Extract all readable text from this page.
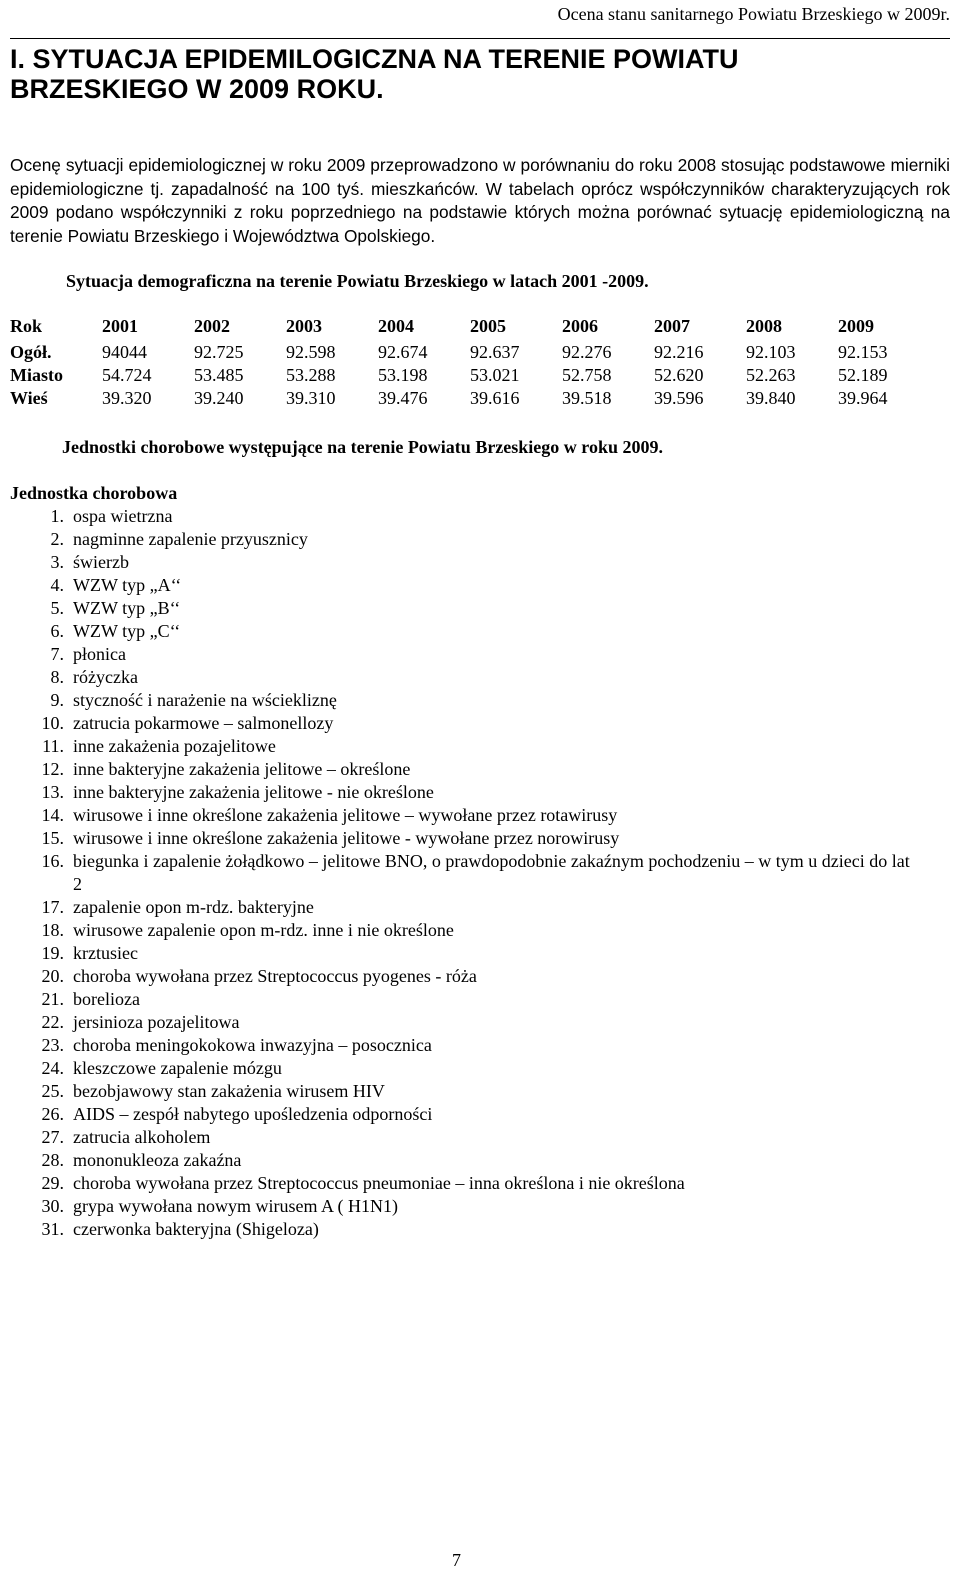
Ocena stanu sanitarnego Powiatu Brzeskiego w 2009r.
I. SYTUACJA EPIDEMILOGICZNA NA TERENIE POWIATU
BRZESKIEGO W 2009 ROKU.
Ocenę sytuacji epidemiologicznej w roku 2009 przeprowadzono w porównaniu do roku 2008 stosując podstawowe mierniki epidemiologiczne tj. zapadalność na 100 tyś. mieszkańców. W tabelach oprócz współczynników charakteryzujących rok 2009 podano współczynniki z roku poprzedniego na podstawie których można porównać sytuację epidemiologiczną na terenie Powiatu Brzeskiego i Województwa Opolskiego.
Sytuacja demograficzna na terenie Powiatu Brzeskiego w latach 2001 -2009.
Rok	2001	2002	2003	2004	2005	2006	2007	2008	2009
Ogół.	94044	92.725	92.598	92.674	92.637	92.276	92.216	92.103	92.153
Miasto	54.724	53.485	53.288	53.198	53.021	52.758	52.620	52.263	52.189
Wieś	39.320	39.240	39.310	39.476	39.616	39.518	39.596	39.840	39.964
Jednostki chorobowe występujące na terenie Powiatu Brzeskiego w roku 2009.
Jednostka chorobowa
1. ospa wietrzna
2. nagminne zapalenie przyusznicy
3. świerzb
4. WZW typ „A‘‘
5. WZW typ „B‘‘
6. WZW typ „C‘‘
7. płonica
8. różyczka
9. styczność i narażenie na wściekliznę
10. zatrucia pokarmowe – salmonellozy
11. inne zakażenia pozajelitowe
12. inne bakteryjne zakażenia jelitowe – określone
13. inne bakteryjne zakażenia jelitowe - nie określone
14. wirusowe i inne określone zakażenia jelitowe – wywołane przez rotawirusy
15. wirusowe i inne określone zakażenia jelitowe - wywołane przez norowirusy
16. biegunka i zapalenie żołądkowo – jelitowe BNO, o prawdopodobnie zakaźnym pochodzeniu – w tym u dzieci do lat 2
17. zapalenie opon m-rdz. bakteryjne
18. wirusowe zapalenie opon m-rdz. inne i nie określone
19. krztusiec
20. choroba wywołana przez Streptococcus pyogenes - róża
21. borelioza
22. jersinioza pozajelitowa
23. choroba meningokokowa inwazyjna – posocznica
24. kleszczowe zapalenie mózgu
25. bezobjawowy stan zakażenia wirusem HIV
26. AIDS – zespół nabytego upośledzenia odporności
27. zatrucia alkoholem
28. mononukleoza zakaźna
29. choroba wywołana przez Streptococcus pneumoniae – inna określona i nie określona
30. grypa wywołana nowym wirusem A ( H1N1)
31. czerwonka bakteryjna (Shigeloza)
7
